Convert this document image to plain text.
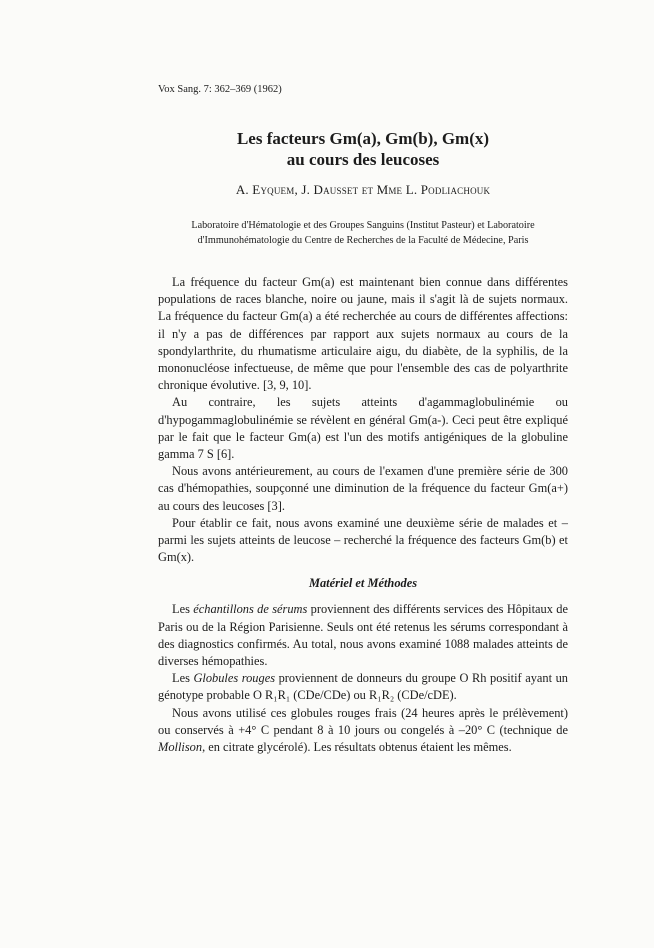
Vox Sang. 7: 362–369 (1962)

Les facteurs Gm(a), Gm(b), Gm(x)
au cours des leucoses

A. Eyquem, J. Dausset et Mme L. Podliachouk

Laboratoire d'Hématologie et des Groupes Sanguins (Institut Pasteur) et Laboratoire
d'Immunohématologie du Centre de Recherches de la Faculté de Médecine, Paris

La fréquence du facteur Gm(a) est maintenant bien connue dans différentes populations de races blanche, noire ou jaune, mais il s'agit là de sujets normaux. La fréquence du facteur Gm(a) a été recherchée au cours de différentes affections: il n'y a pas de différences par rapport aux sujets normaux au cours de la spondylarthrite, du rhumatisme articulaire aigu, du diabète, de la syphilis, de la mononucléose infectueuse, de même que pour l'ensemble des cas de polyarthrite chronique évolutive. [3, 9, 10].

Au contraire, les sujets atteints d'agammaglobulinémie ou d'hypogammaglobulinémie se révèlent en général Gm(a-). Ceci peut être expliqué par le fait que le facteur Gm(a) est l'un des motifs antigéniques de la globuline gamma 7 S [6].

Nous avons antérieurement, au cours de l'examen d'une première série de 300 cas d'hémopathies, soupçonné une diminution de la fréquence du facteur Gm(a+) au cours des leucoses [3].

Pour établir ce fait, nous avons examiné une deuxième série de malades et – parmi les sujets atteints de leucose – recherché la fréquence des facteurs Gm(b) et Gm(x).

Matériel et Méthodes

Les échantillons de sérums proviennent des différents services des Hôpitaux de Paris ou de la Région Parisienne. Seuls ont été retenus les sérums correspondant à des diagnostics confirmés. Au total, nous avons examiné 1088 malades atteints de diverses hémopathies.

Les Globules rouges proviennent de donneurs du groupe O Rh positif ayant un génotype probable O R₁R₁ (CDe/CDe) ou R₁R₂ (CDe/cDE).

Nous avons utilisé ces globules rouges frais (24 heures après le prélèvement) ou conservés à +4° C pendant 8 à 10 jours ou congelés à –20° C (technique de Mollison, en citrate glycérolé). Les résultats obtenus étaient les mêmes.
